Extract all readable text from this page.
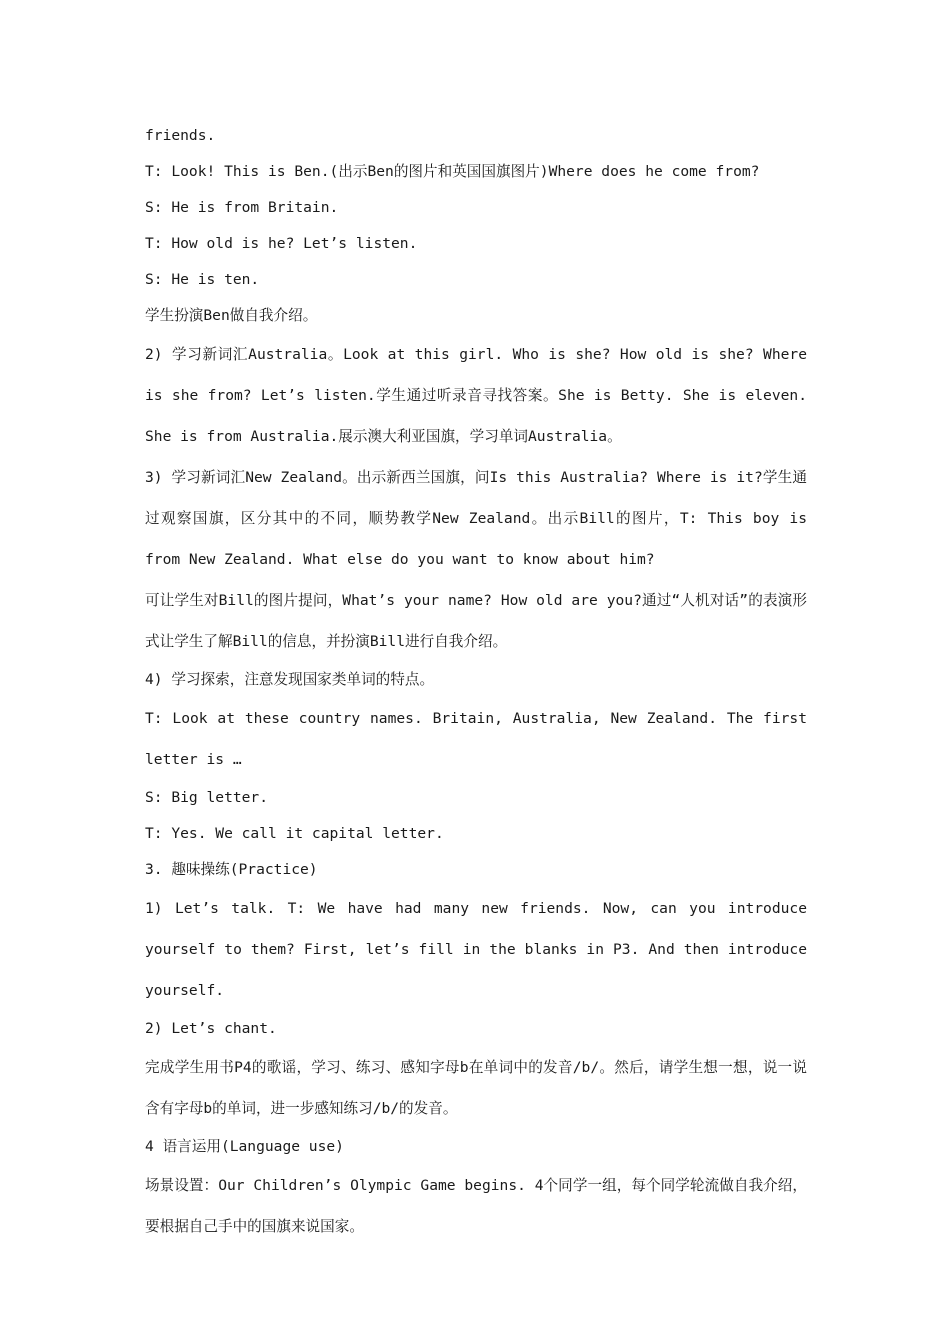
friends.

T: Look! This is Ben.(出示Ben的图片和英国国旗图片)Where does he come from?

S: He is from Britain.

T: How old is he? Let’s listen.

S: He is ten.

学生扮演Ben做自我介绍。

2) 学习新词汇Australia。Look at this girl. Who is she? How old is she? Where is she from? Let’s listen.学生通过听录音寻找答案。She is Betty. She is eleven. She is from Australia.展示澳大利亚国旗，学习单词Australia。

3) 学习新词汇New Zealand。出示新西兰国旗，问Is this Australia? Where is it?学生通过观察国旗，区分其中的不同，顺势教学New Zealand。出示Bill的图片，T: This boy is from New Zealand. What else do you want to know about him?

可让学生对Bill的图片提问，What’s your name? How old are you?通过“人机对话”的表演形式让学生了解Bill的信息，并扮演Bill进行自我介绍。

4) 学习探索，注意发现国家类单词的特点。

T: Look at these country names. Britain, Australia, New Zealand. The first letter is …

S: Big letter.

T: Yes. We call it capital letter.

3. 趣味操练(Practice)

1) Let’s talk. T: We have had many new friends. Now, can you introduce yourself to them? First, let’s fill in the blanks in P3. And then introduce yourself.

2) Let’s chant.

完成学生用书P4的歌谣，学习、练习、感知字母b在单词中的发音/b/。然后，请学生想一想，说一说含有字母b的单词，进一步感知练习/b/的发音。

4 语言运用(Language use)

场景设置：Our Children’s Olympic Game begins. 4个同学一组，每个同学轮流做自我介绍，要根据自己手中的国旗来说国家。
